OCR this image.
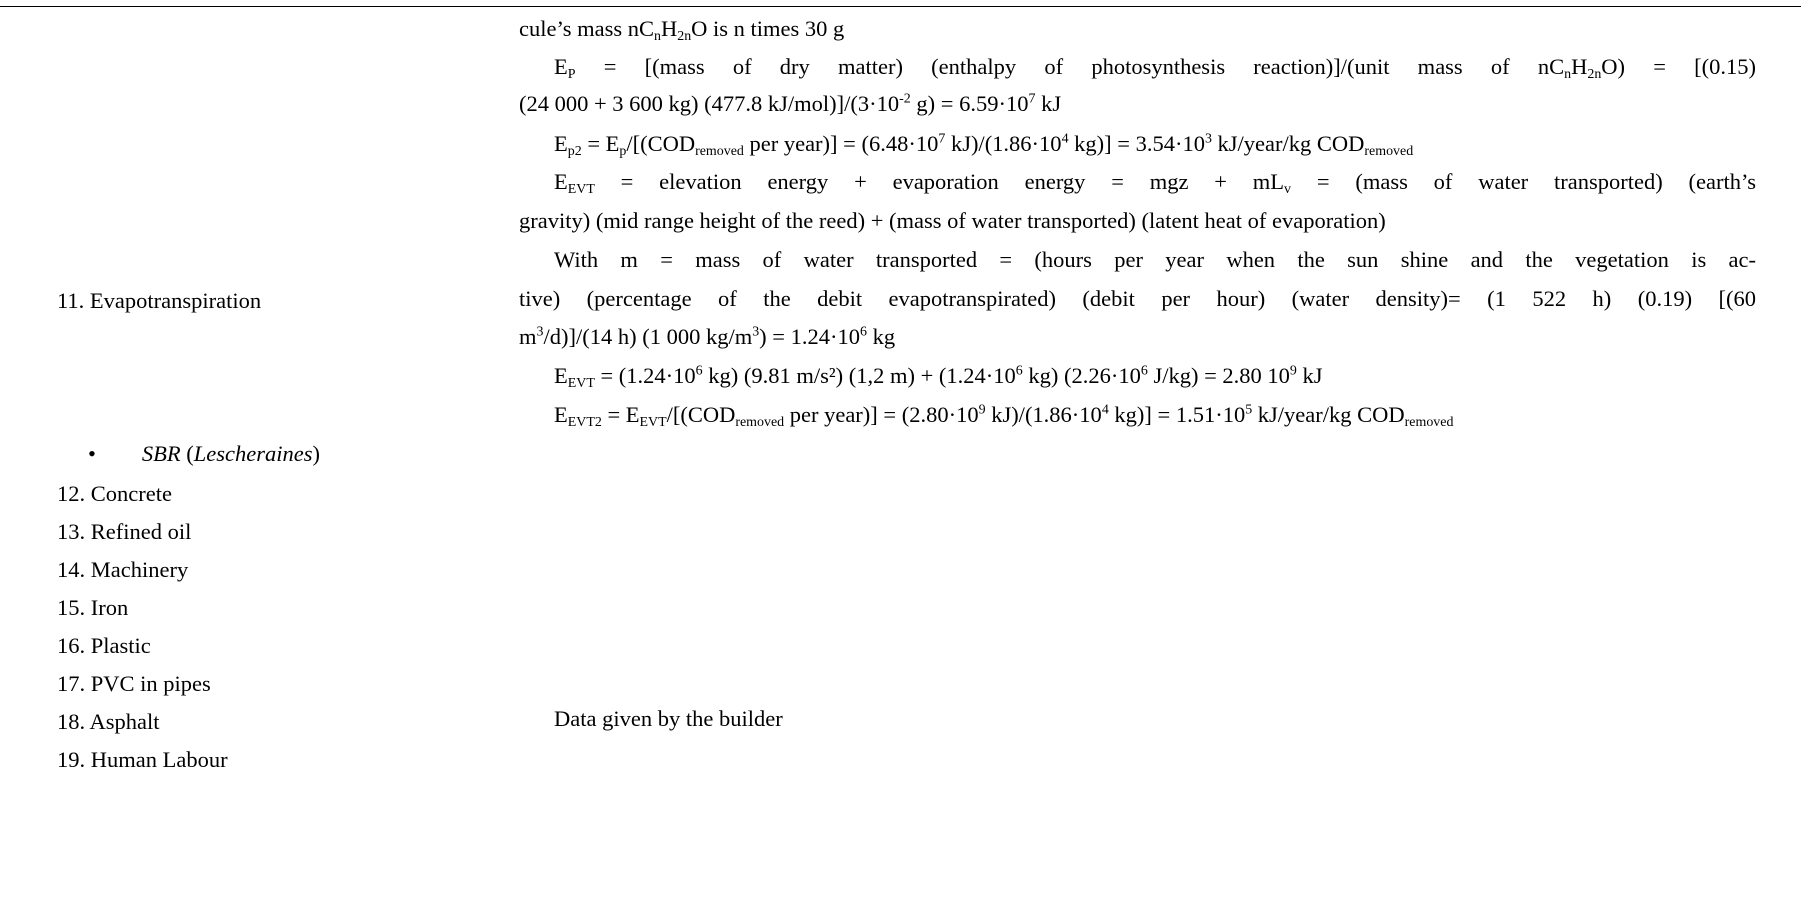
11. Evapotranspiration
• SBR (Lescheraines)
12. Concrete
13. Refined oil
14. Machinery
15. Iron
16. Plastic
17. PVC in pipes
18. Asphalt
19. Human Labour
cule’s mass $nC_nH_{2n}O$ is n times 30 g
$E_P$ = [(mass of dry matter) (enthalpy of photosynthesis reaction)]/(unit mass of $nC_nH_{2n}O) = [(0.15)$
(24 000 + 3 600 kg) (477.8 $kJ/mol)]/(3\cdot 10^{-2}$ $g) = 6.59\cdot 10^7$ kJ
$E_{p2} = E_p/[(COD_{removed}$ per year)] = ($6.48\cdot 10^7$ $kJ)/(1.86\cdot 10^4$ $kg)] = 3.54\cdot 10^3$ kJ/year/kg $COD_{removed}$
$E_{EVT}$ = elevation energy + evaporation energy = mgz + $mL_v$ = (mass of water transported) (earth’s
gravity) (mid range height of the reed) + (mass of water transported) (latent heat of evaporation)
With m = mass of water transported = (hours per year when the sun shine and the vegetation is ac-
tive) (percentage of the debit evapotranspirated) (debit per hour) (water density)= (1 522 h) (0.19) [(60
$m^3/d)]/(14$ h) (1 000 $kg/m^3) = 1.24\cdot 10^6$ kg
$E_{EVT} = (1.24\cdot 10^6$ kg) (9.81 m/s²) (1,2 $m) + (1.24\cdot 10^6$ kg) ($2.26\cdot 10^6$ J/kg) = 2.80 $10^9$ kJ
$E_{EVT2} = E_{EVT}/[(COD_{removed}$ per year)] = ($2.80\cdot 10^9$ $kJ)/(1.86\cdot 10^4$ $kg)] = 1.51\cdot 10^5$ kJ/year/kg $COD_{removed}$
Data given by the builder
